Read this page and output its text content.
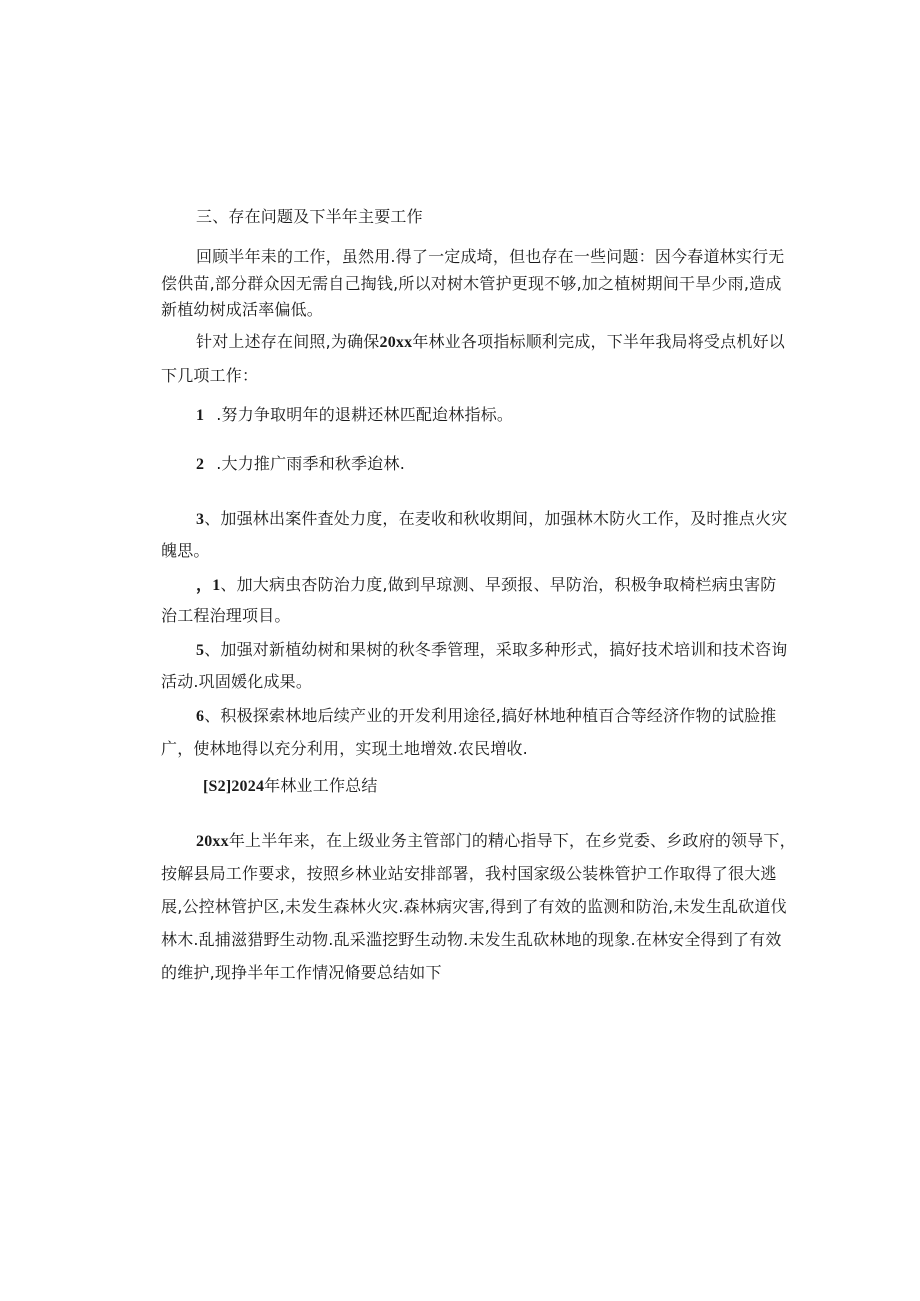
三、存在问题及下半年主要工作
回顾半年耒的工作，虽然用.得了一定成埼，但也存在一些问题：因今春道林实行无
偿供苗,部分群众因无需自己掏钱,所以对树木管护更现不够,加之植树期间干旱少雨,造成
新植幼树成活率偏低。
针对上述存在间照,为确保20xx年林业各项指标顺利完成，下半年我局将受点机好以
下几项工作：
1 .努力争取明年的退耕还林匹配迨林指标。
2 .大力推广雨季和秋季迨林.
3、加强林出案件査处力度，在麦收和秋收期间，加强林木防火工作，及时推点火灾
魄思。
，1、加大病虫杏防治力度,做到早琼测、早颈报、早防治，积极争取椅栏病虫害防
治工程治理项目。
5、加强对新植幼树和果树的秋冬季管理，采取多种形式，搞好技术培训和技术咨询
活动.巩固媛化成果。
6、积极探索林地后续产业的开发利用途径,搞好林地种植百合等经济作物的试脸推
广，使林地得以充分利用，实现土地增效.农民増收.
[S2]2024年林业工作总结
20xx年上半年来，在上级业务主管部门的精心指导下，在乡党委、乡政府的领导下，
按解县局工作要求，按照乡林业站安排部署，我村国家级公装株管护工作取得了很大逃
展,公控林管护区,未发生森林火灾.森林病灾害,得到了有效的监测和防治,未发生乱砍道伐
林木.乱捕滋猎野生动物.乱采滥挖野生动物.未发生乱砍林地的现象.在林安全得到了有效
的维护,现挣半年工作情况脩要总结如下
